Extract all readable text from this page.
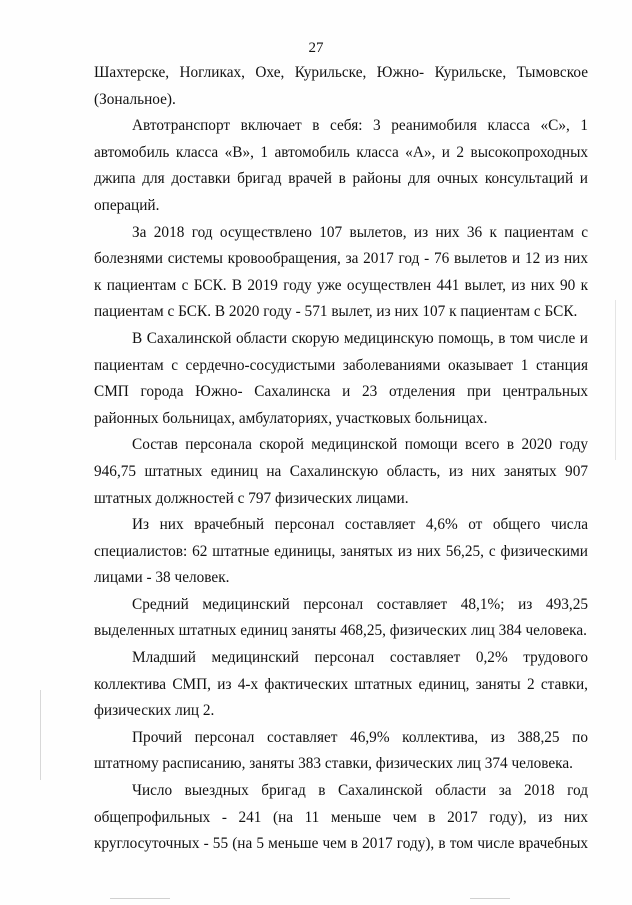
27

Шахтерске, Ногликах, Охе, Курильске, Южно- Курильске, Тымовское (Зональное).

Автотранспорт включает в себя: 3 реанимобиля класса «С», 1 автомобиль класса «В», 1 автомобиль класса «А», и 2 высокопроходных джипа для доставки бригад врачей в районы для очных консультаций и операций.

За 2018 год осуществлено 107 вылетов, из них 36 к пациентам с болезнями системы кровообращения, за 2017 год - 76 вылетов и 12 из них к пациентам с БСК. В 2019 году уже осуществлен 441 вылет, из них 90 к пациентам с БСК. В 2020 году - 571 вылет, из них 107 к пациентам с БСК.

В Сахалинской области скорую медицинскую помощь, в том числе и пациентам с сердечно-сосудистыми заболеваниями оказывает 1 станция СМП города Южно- Сахалинска и 23 отделения при центральных районных больницах, амбулаториях, участковых больницах.

Состав персонала скорой медицинской помощи всего в 2020 году 946,75 штатных единиц на Сахалинскую область, из них занятых 907 штатных должностей с 797 физических лицами.

Из них врачебный персонал составляет 4,6% от общего числа специалистов: 62 штатные единицы, занятых из них 56,25, с физическими лицами - 38 человек.

Средний медицинский персонал составляет 48,1%; из 493,25 выделенных штатных единиц заняты 468,25, физических лиц 384 человека.

Младший медицинский персонал составляет 0,2% трудового коллектива СМП, из 4-х фактических штатных единиц, заняты 2 ставки, физических лиц 2.

Прочий персонал составляет 46,9% коллектива, из 388,25 по штатному расписанию, заняты 383 ставки, физических лиц 374 человека.

Число выездных бригад в Сахалинской области за 2018 год общепрофильных - 241 (на 11 меньше чем в 2017 году), из них круглосуточных - 55 (на 5 меньше чем в 2017 году), в том числе врачебных
